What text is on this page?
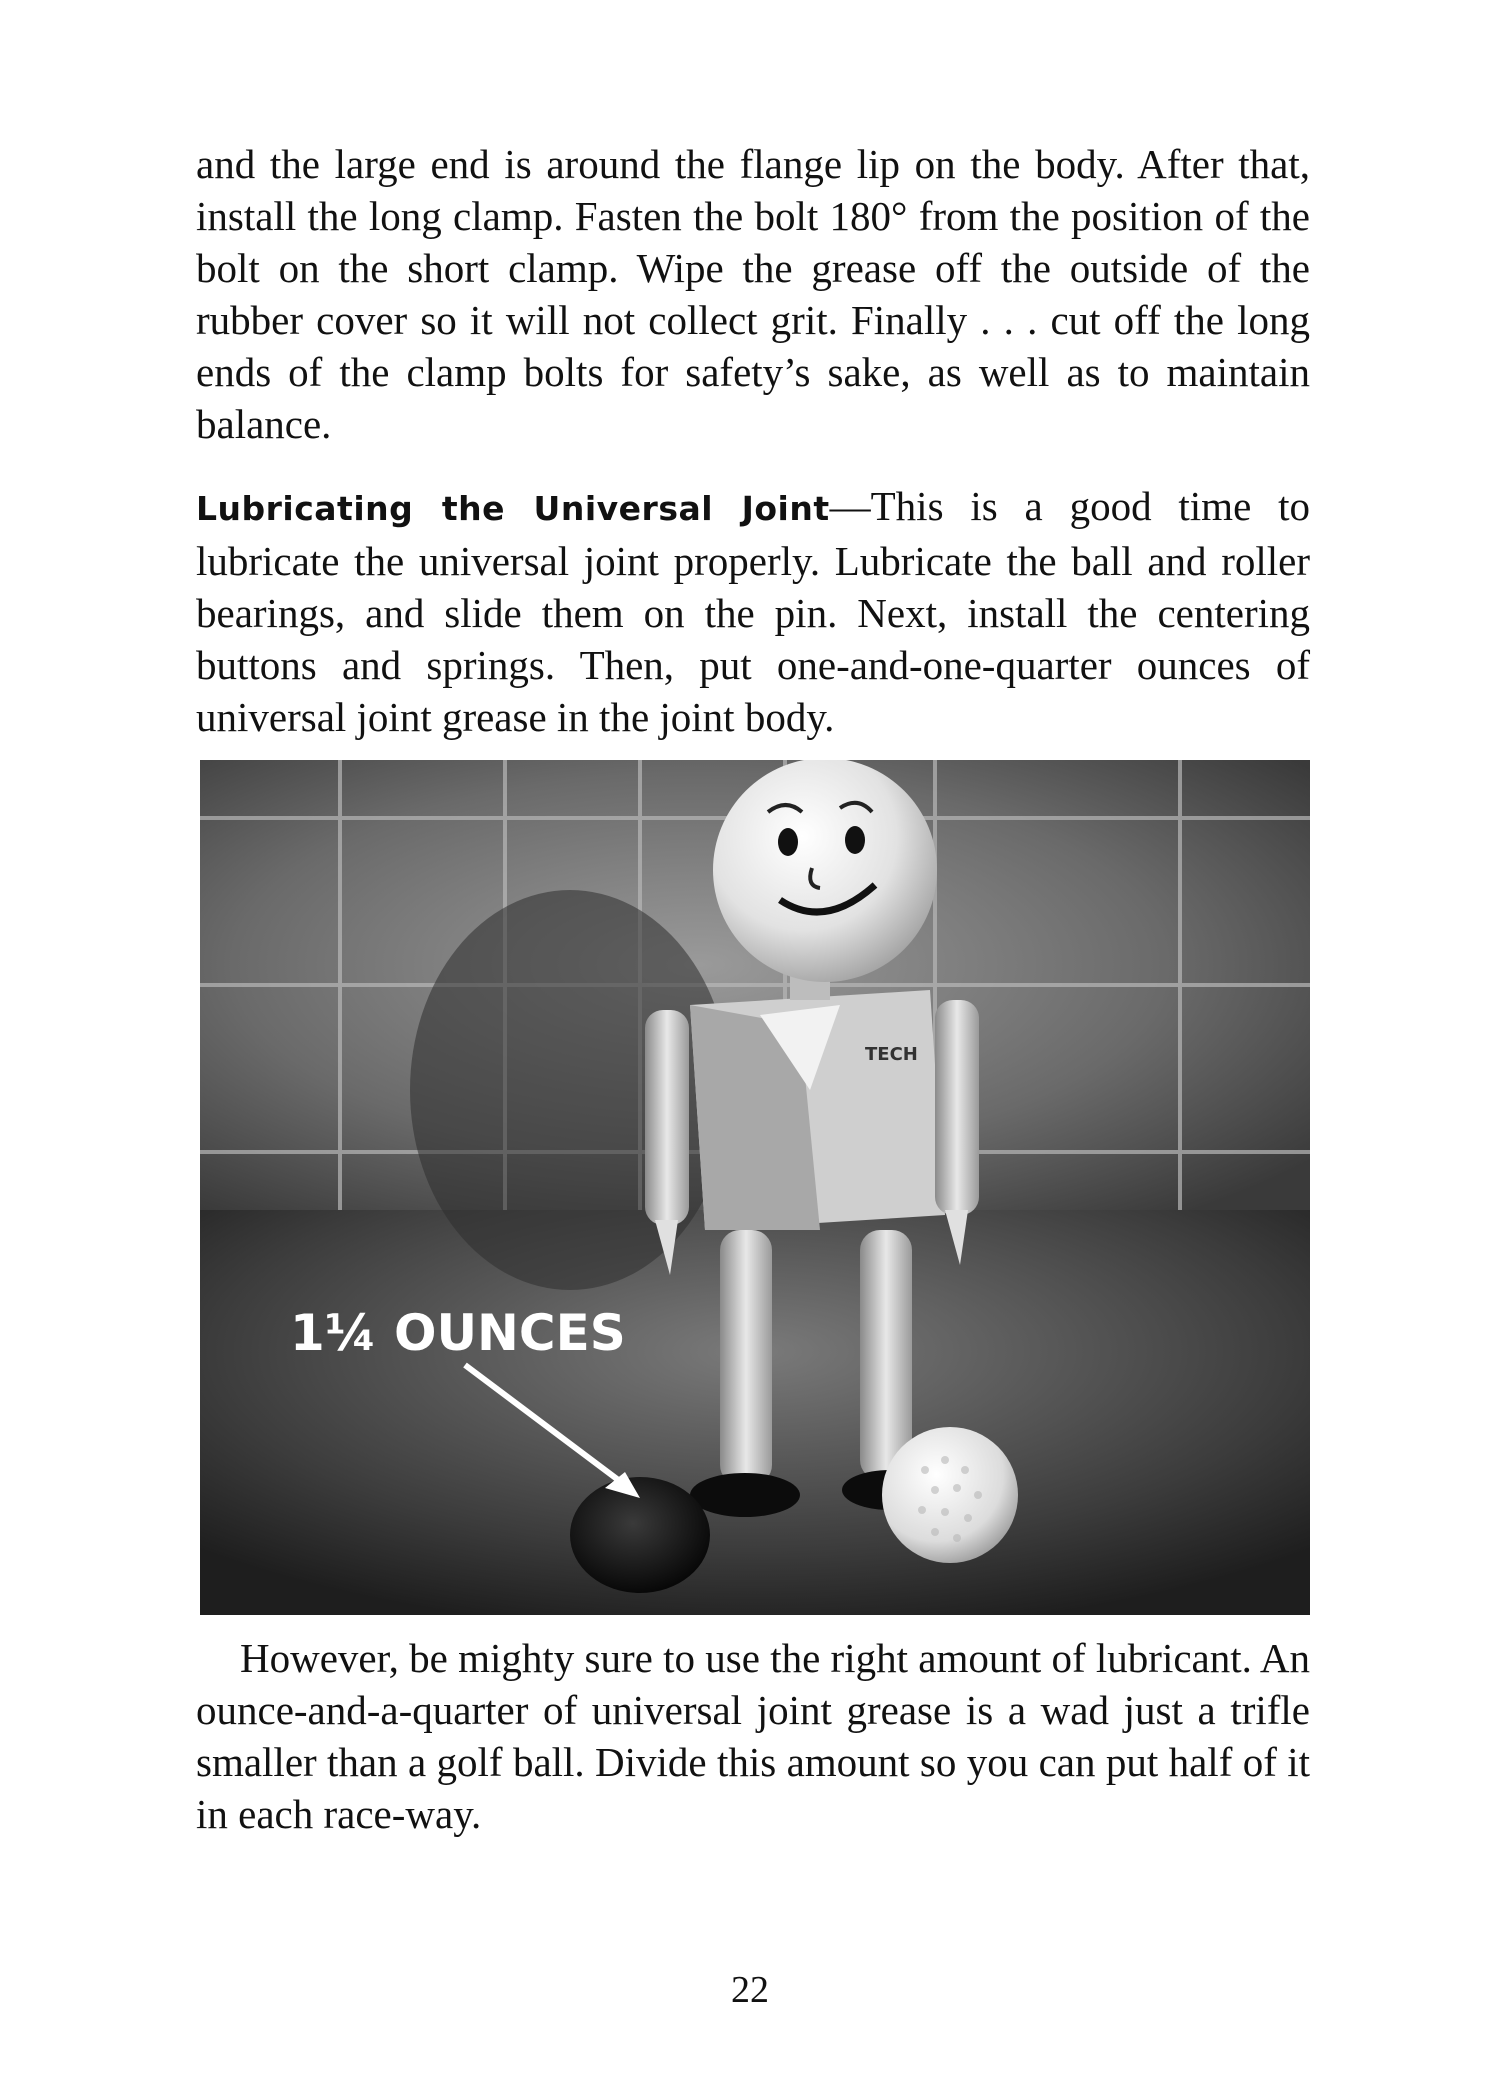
and the large end is around the flange lip on the body. After that, install the long clamp. Fasten the bolt 180° from the position of the bolt on the short clamp. Wipe the grease off the outside of the rubber cover so it will not collect grit. Finally . . . cut off the long ends of the clamp bolts for safety’s sake, as well as to maintain balance.

Lubricating the Universal Joint—This is a good time to lubricate the universal joint properly. Lubricate the ball and roller bearings, and slide them on the pin. Next, install the centering buttons and springs. Then, put one-and-one-quarter ounces of universal joint grease in the joint body.

TECH
1¼ OUNCES

However, be mighty sure to use the right amount of lubricant. An ounce-and-a-quarter of universal joint grease is a wad just a trifle smaller than a golf ball. Divide this amount so you can put half of it in each race-way.

22
